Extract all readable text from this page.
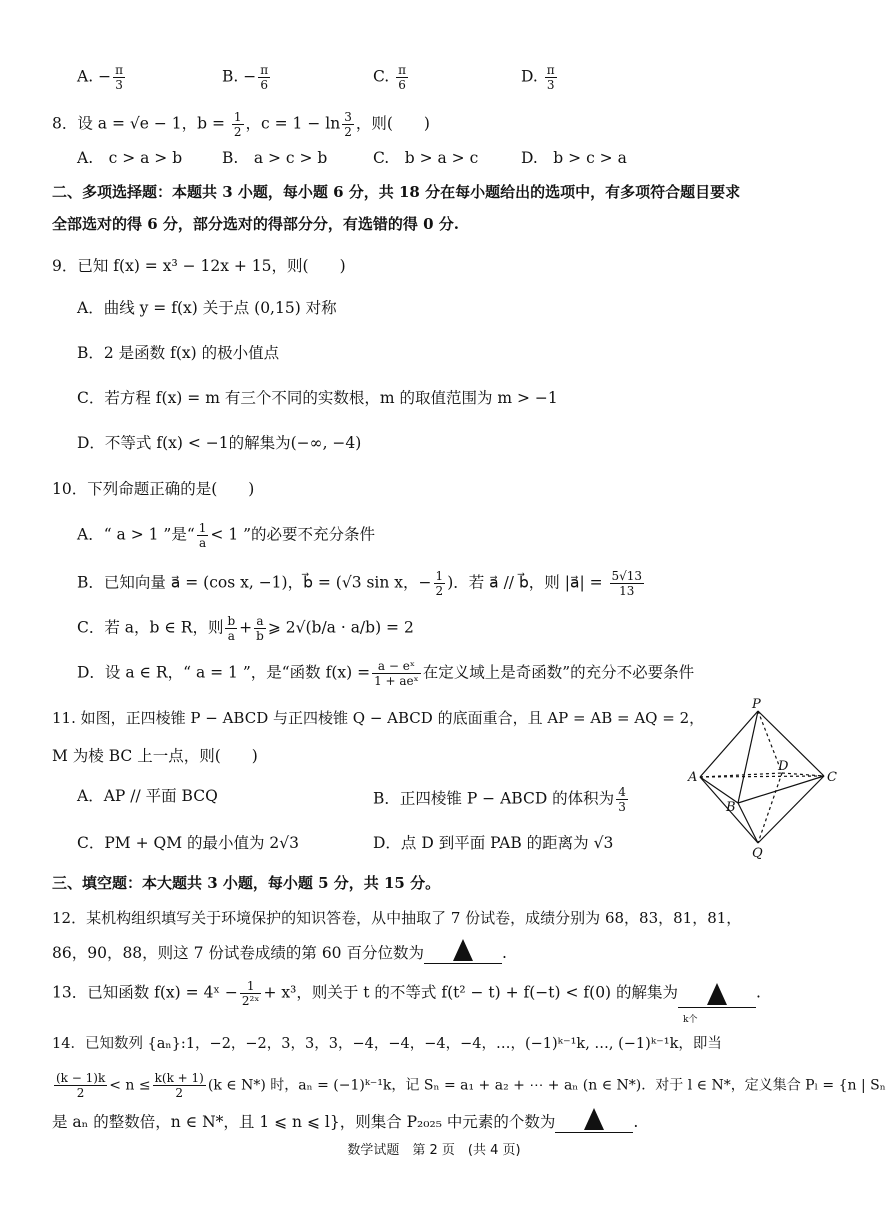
A. − $\frac{\pi}{3}$	B. − $\frac{\pi}{6}$	C. $\frac{\pi}{6}$	D. $\frac{\pi}{3}$
8．设 a = √e − 1，$b = \frac{1}{2}$ ，$c = 1 - \ln \frac{3}{2}$ ，则(　　)
A.　c > a > b	B.　a > c > b	C.　b > a > c	D.　b > c > a
二、多项选择题：本题共 3 小题，每小题 6 分，共 18 分在每小题给出的选项中，有多项符合题目要求
全部选对的得 6 分，部分选对的得部分分，有选错的得 0 分.
9．已知 f(x) = x³ − 12x + 15，则(　　)
A．曲线 y = f(x) 关于点 (0,15) 对称
B．2 是函数 f(x) 的极小值点
C．若方程 f(x) = m 有三个不同的实数根，m 的取值范围为 m > −1
D．不等式 f(x) < −1的解集为(−∞, −4)
10．下列命题正确的是(　　)
A．“ a > 1 ”是“ $\frac{1}{a} < 1$ ”的必要不充分条件
B．已知向量 a⃗ = (cos x, −1)，b⃗ = (√3 sin x，− $\frac{1}{2}$ )．若 a⃗ // b⃗，则 |a⃗| = $\frac{5√13}{13}$
C．若 a，b ∈ R，则 $\frac{b}{a} + \frac{a}{b}$ ⩾ 2√(b/a · a/b) = 2
D．设 a ∈ R，“ a = 1 ”，是“函数 $f(x) = \frac{\text{a − eˣ}}{\text{1 + aeˣ}}$ 在定义域上是奇函数”的充分不必要条件
11. 如图，正四棱锥 P − ABCD 与正四棱锥 Q − ABCD 的底面重合，且 AP = AB = AQ = 2，
M 为棱 BC 上一点，则(　　)
A．AP // 平面 BCQ	B．正四棱锥 P − ABCD 的体积为 $\frac{4}{3}$
C．PM + QM 的最小值为 2√3	D．点 D 到平面 PAB 的距离为 √3
P
A
B
C
D
Q
三、填空题：本大题共 3 小题，每小题 5 分，共 15 分。
12．某机构组织填写关于环境保护的知识答卷，从中抽取了 7 份试卷，成绩分别为 68，83，81，81，
86，90，88，则这 7 份试卷成绩的第 60 百分位数为	.
13．已知函数 f(x) = 4ˣ − $\frac{1}{\text{2²ˣ}} + x^3$，则关于 t 的不等式 f(t² − t) + f(−t) < f(0) 的解集为	.
k个
14．已知数列 {aₙ}:1，−2，−2，3，3，3，−4，−4，−4，−4，…，(−1)ᵏ⁻¹k, …, (−1)ᵏ⁻¹k，即当
$\frac{(k - 1)k}{2} < n \le \frac{k(k + 1)}{2} (k$ ∈ N*) 时，aₙ = (−1)ᵏ⁻¹k，记 Sₙ = a₁ + a₂ + ⋯ + aₙ (n ∈ N*)．对于 l ∈ N*，定义集合 Pₗ = {n | Sₙ
是 aₙ 的整数倍，n ∈ N*，且 1 ⩽ n ⩽ l}，则集合 P₂₀₂₅ 中元素的个数为	.
数学试题　第 2 页　(共 4 页)
